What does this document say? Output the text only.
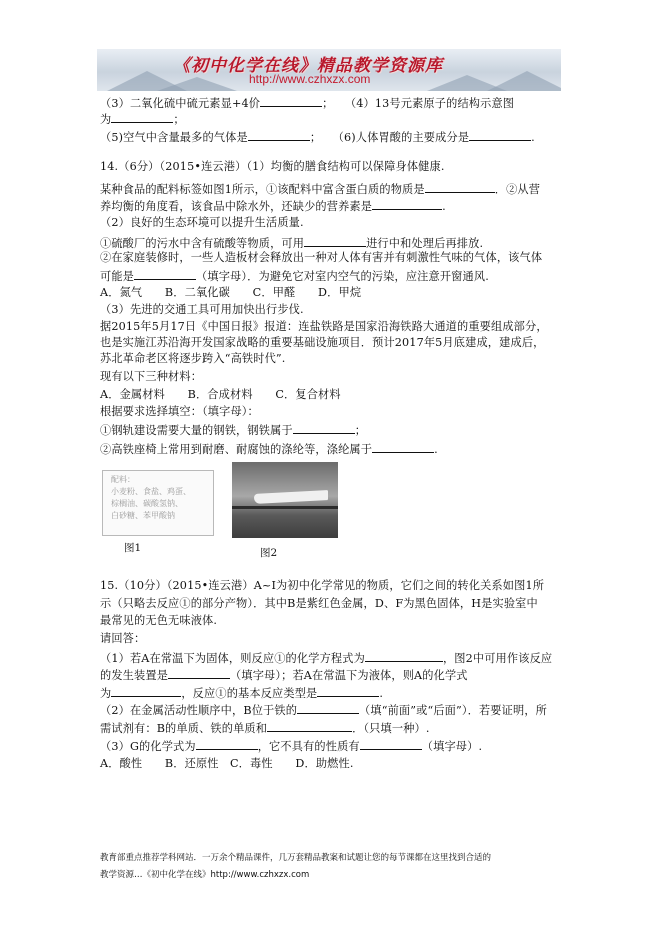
《初中化学在线》精品教学资源库
http://www.czhxzx.com
（3）二氧化硫中硫元素显+4价	；　　（4）13号元素原子的结构示意图
为	；
（5)空气中含量最多的气体是	；　　（6)人体胃酸的主要成分是	.
14.（6分）（2015•连云港）（1）均衡的膳食结构可以保障身体健康.
某种食品的配料标签如图1所示，①该配料中富含蛋白质的物质是	．②从营
养均衡的角度看，该食品中除水外，还缺少的营养素是	.
（2）良好的生态环境可以提升生活质量.
①硫酸厂的污水中含有硫酸等物质，可用	进行中和处理后再排放.
②在家庭装修时，一些人造板材会释放出一种对人体有害并有刺激性气味的气体，该气体
可能是	（填字母）．为避免它对室内空气的污染，应注意开窗通风.
A．氮气　　B．二氧化碳　　C．甲醛　　D．甲烷
（3）先进的交通工具可用加快出行步伐.
据2015年5月17日《中国日报》报道：连盐铁路是国家沿海铁路大通道的重要组成部分，
也是实施江苏沿海开发国家战略的重要基础设施项目．预计2017年5月底建成，建成后，
苏北革命老区将逐步跨入“高铁时代”.
现有以下三种材料：
A．金属材料　　B．合成材料　　C．复合材料
根据要求选择填空：（填字母）：
①钢轨建设需要大量的钢铁，钢铁属于	；
②高铁座椅上常用到耐磨、耐腐蚀的涤纶等，涤纶属于	.
15.（10分）（2015•连云港）A~I为初中化学常见的物质，它们之间的转化关系如图1所
示（只略去反应①的部分产物）．其中B是紫红色金属，D、F为黑色固体，H是实验室中
最常见的无色无味液体.
请回答：
（1）若A在常温下为固体，则反应①的化学方程式为	，图2中可用作该反应
的发生装置是	（填字母）；若A在常温下为液体，则A的化学式
为	，反应①的基本反应类型是	.
（2）在金属活动性顺序中，B位于铁的	（填“前面”或“后面”）．若要证明，所
需试剂有：B的单质、铁的单质和	．（只填一种）.
（3）G的化学式为	，它不具有的性质有	（填字母）.
A．酸性　　B．还原性　C．毒性　　D．助燃性.
配料：
小麦粉、食盐、鸡蛋、
棕榈油、碳酸氢钠、
白砂糖、苯甲酸钠
图1	图2
教育部重点推荐学科网站．一万余个精品课件，几万套精品教案和试题让您的每节课都在这里找到合适的
教学资源…《初中化学在线》http://www.czhxzx.com
